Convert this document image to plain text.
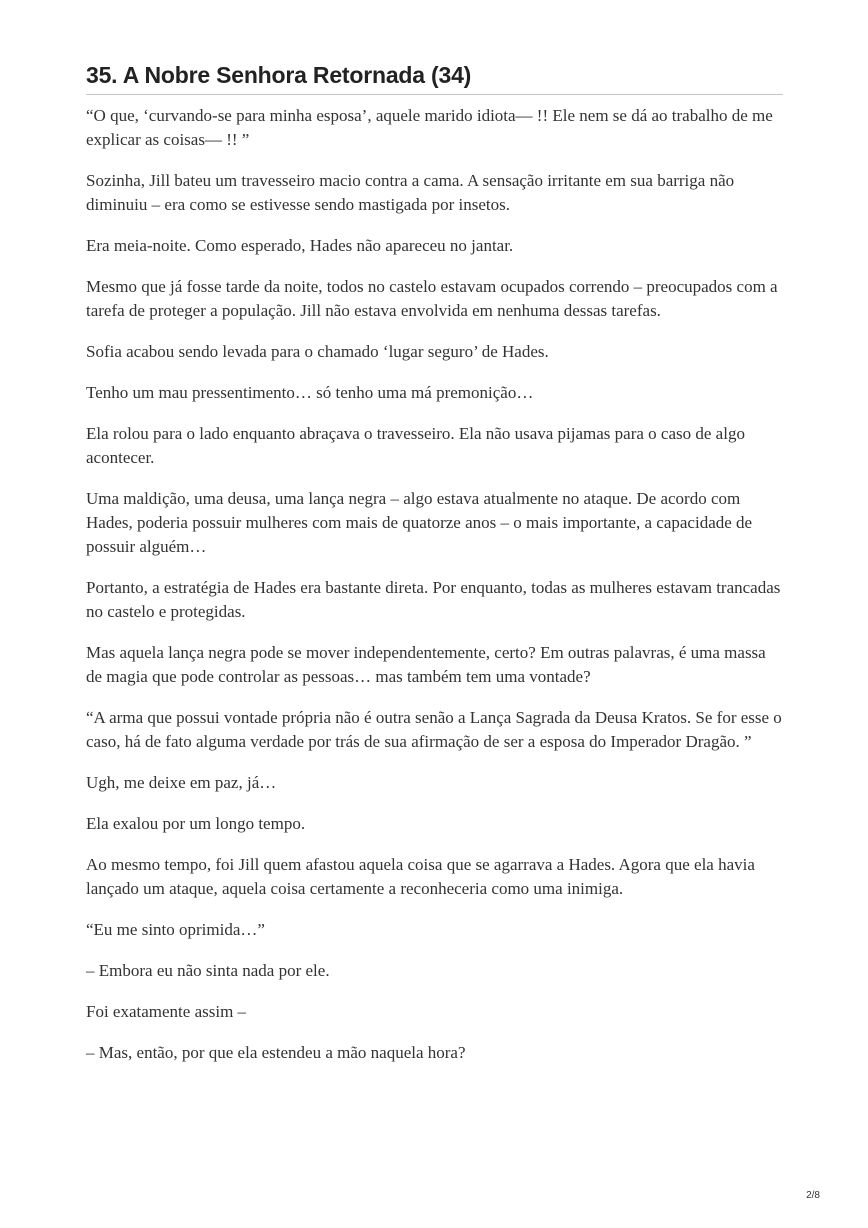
35. A Nobre Senhora Retornada (34)

“O que, ‘curvando-se para minha esposa’, aquele marido idiota— !! Ele nem se dá ao trabalho de me explicar as coisas— !! ”

Sozinha, Jill bateu um travesseiro macio contra a cama. A sensação irritante em sua barriga não diminuiu – era como se estivesse sendo mastigada por insetos.

Era meia-noite. Como esperado, Hades não apareceu no jantar.

Mesmo que já fosse tarde da noite, todos no castelo estavam ocupados correndo – preocupados com a tarefa de proteger a população. Jill não estava envolvida em nenhuma dessas tarefas.

Sofia acabou sendo levada para o chamado ‘lugar seguro’ de Hades.

Tenho um mau pressentimento… só tenho uma má premonição…

Ela rolou para o lado enquanto abraçava o travesseiro. Ela não usava pijamas para o caso de algo acontecer.

Uma maldição, uma deusa, uma lança negra – algo estava atualmente no ataque. De acordo com Hades, poderia possuir mulheres com mais de quatorze anos – o mais importante, a capacidade de possuir alguém…

Portanto, a estratégia de Hades era bastante direta. Por enquanto, todas as mulheres estavam trancadas no castelo e protegidas.

Mas aquela lança negra pode se mover independentemente, certo? Em outras palavras, é uma massa de magia que pode controlar as pessoas… mas também tem uma vontade?

“A arma que possui vontade própria não é outra senão a Lança Sagrada da Deusa Kratos. Se for esse o caso, há de fato alguma verdade por trás de sua afirmação de ser a esposa do Imperador Dragão. ”

Ugh, me deixe em paz, já…

Ela exalou por um longo tempo.

Ao mesmo tempo, foi Jill quem afastou aquela coisa que se agarrava a Hades. Agora que ela havia lançado um ataque, aquela coisa certamente a reconheceria como uma inimiga.

“Eu me sinto oprimida…”

– Embora eu não sinta nada por ele.

Foi exatamente assim –

– Mas, então, por que ela estendeu a mão naquela hora?

2/8
